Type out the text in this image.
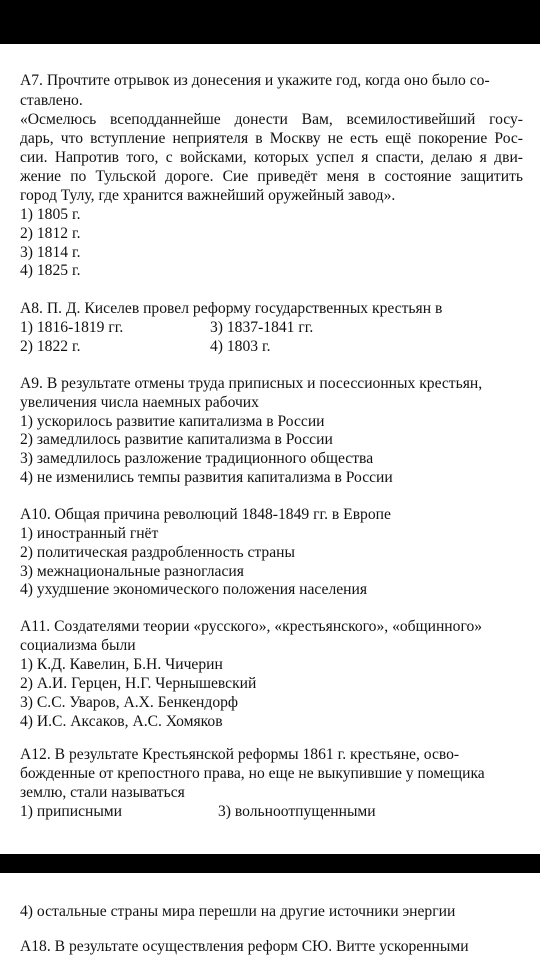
А7. Прочтите отрывок из донесения и укажите год, когда оно было со-
ставлено.
«Осмелюсь всеподданнейше донести Вам, всемилостивейший госу-
дарь, что вступление неприятеля в Москву не есть ещё покорение Рос-
сии. Напротив того, с войсками, которых успел я спасти, делаю я дви-
жение по Тульской дороге. Сие приведёт меня в состояние защитить
город Тулу, где хранится важнейший оружейный завод».
1) 1805 г.
2) 1812 г.
3) 1814 г.
4) 1825 г.
А8. П. Д. Киселев провел реформу государственных крестьян в
1) 1816-1819 гг.	3) 1837-1841 гг.
2) 1822 г.	4) 1803 г.
А9. В результате отмены труда приписных и посессионных крестьян,
увеличения числа наемных рабочих
1) ускорилось развитие капитализма в России
2) замедлилось развитие капитализма в России
3) замедлилось разложение традиционного общества
4) не изменились темпы развития капитализма в России
А10. Общая причина революций 1848-1849 гг. в Европе
1) иностранный гнёт
2) политическая раздробленность страны
3) межнациональные разногласия
4) ухудшение экономического положения населения
А11. Создателями теории «русского», «крестьянского», «общинного»
социализма были
1) К.Д. Кавелин, Б.Н. Чичерин
2) А.И. Герцен, Н.Г. Чернышевский
3) С.С. Уваров, А.Х. Бенкендорф
4) И.С. Аксаков, А.С. Хомяков
А12. В результате Крестьянской реформы 1861 г. крестьяне, осво-
божденные от крепостного права, но еще не выкупившие у помещика
землю, стали называться
1) приписными	3) вольноотпущенными
4) остальные страны мира перешли на другие источники энергии
А18. В результате осуществления реформ СЮ. Витте ускоренными
